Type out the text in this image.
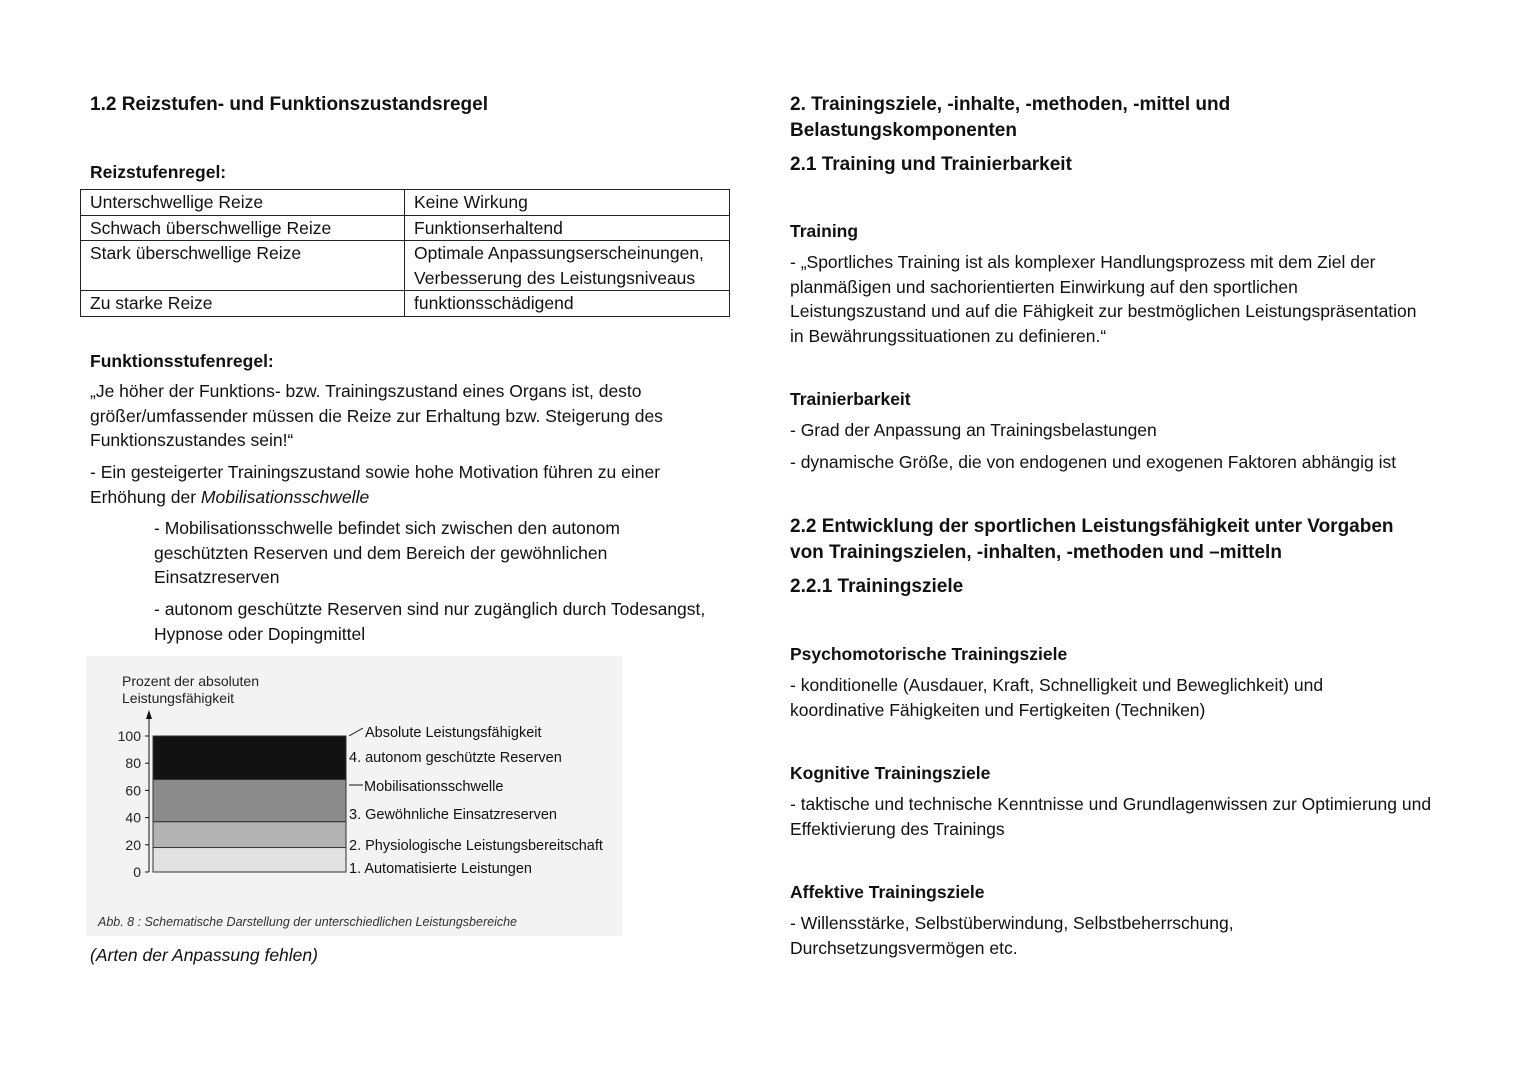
1.2 Reizstufen- und Funktionszustandsregel
Reizstufenregel:
Unterschwellige Reize	Keine Wirkung
Schwach überschwellige Reize	Funktionserhaltend
Stark überschwellige Reize	Optimale Anpassungserscheinungen,
Verbesserung des Leistungsniveaus
Zu starke Reize	funktionsschädigend
Funktionsstufenregel:
„Je höher der Funktions- bzw. Trainingszustand eines Organs ist, desto größer/umfassender müssen die Reize zur Erhaltung bzw. Steigerung des Funktionszustandes sein!“
- Ein gesteigerter Trainingszustand sowie hohe Motivation führen zu einer Erhöhung der Mobilisationsschwelle
- Mobilisationsschwelle befindet sich zwischen den autonom geschützten Reserven und dem Bereich der gewöhnlichen Einsatzreserven
- autonom geschützte Reserven sind nur zugänglich durch Todesangst, Hypnose oder Dopingmittel
Prozent der absoluten
Leistungsfähigkeit
0
20
40
60
80
100	Absolute Leistungsfähigkeit
4. autonom geschützte Reserven
Mobilisationsschwelle
3. Gewöhnliche Einsatzreserven
2. Physiologische Leistungsbereitschaft
1. Automatisierte Leistungen
Abb. 8 : Schematische Darstellung der unterschiedlichen Leistungsbereiche
(Arten der Anpassung fehlen)
2. Trainingsziele, -inhalte, -methoden, -mittel und
Belastungskomponenten
2.1 Training und Trainierbarkeit
Training
- „Sportliches Training ist als komplexer Handlungsprozess mit dem Ziel der planmäßigen und sachorientierten Einwirkung auf den sportlichen Leistungszustand und auf die Fähigkeit zur bestmöglichen Leistungspräsentation in Bewährungssituationen zu definieren.“
Trainierbarkeit
- Grad der Anpassung an Trainingsbelastungen
- dynamische Größe, die von endogenen und exogenen Faktoren abhängig ist
2.2 Entwicklung der sportlichen Leistungsfähigkeit unter Vorgaben von Trainingszielen, -inhalten, -methoden und –mitteln
2.2.1 Trainingsziele
Psychomotorische Trainingsziele
- konditionelle (Ausdauer, Kraft, Schnelligkeit und Beweglichkeit) und koordinative Fähigkeiten und Fertigkeiten (Techniken)
Kognitive Trainingsziele
- taktische und technische Kenntnisse und Grundlagenwissen zur Optimierung und Effektivierung des Trainings
Affektive Trainingsziele
- Willensstärke, Selbstüberwindung, Selbstbeherrschung, Durchsetzungsvermögen etc.
